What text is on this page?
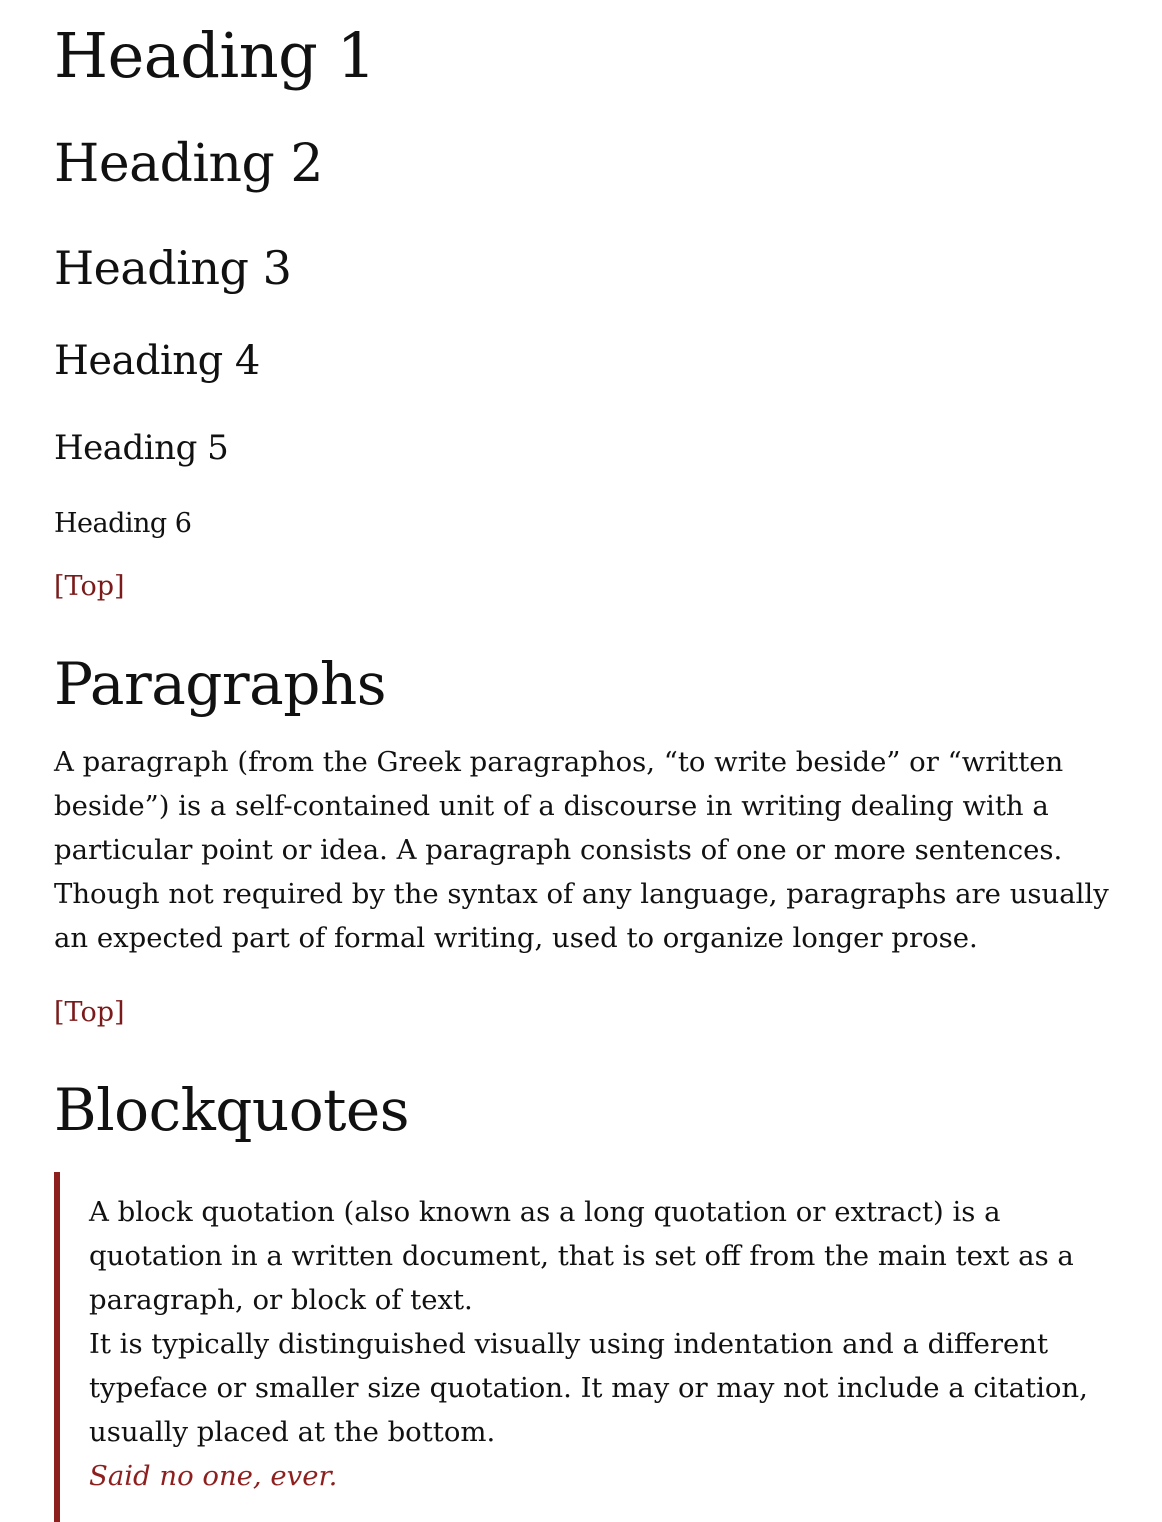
Heading 1
Heading 2
Heading 3
Heading 4
Heading 5
Heading 6
[Top]
Paragraphs

A paragraph (from the Greek paragraphos, “to write beside” or “written beside”) is a self-contained unit of a discourse in writing dealing with a particular point or idea. A paragraph consists of one or more sentences. Though not required by the syntax of any language, paragraphs are usually an expected part of formal writing, used to organize longer prose.

[Top]
Blockquotes

A block quotation (also known as a long quotation or extract) is a quotation in a written document, that is set off from the main text as a paragraph, or block of text.

It is typically distinguished visually using indentation and a different typeface or smaller size quotation. It may or may not include a citation, usually placed at the bottom.

Said no one, ever.
